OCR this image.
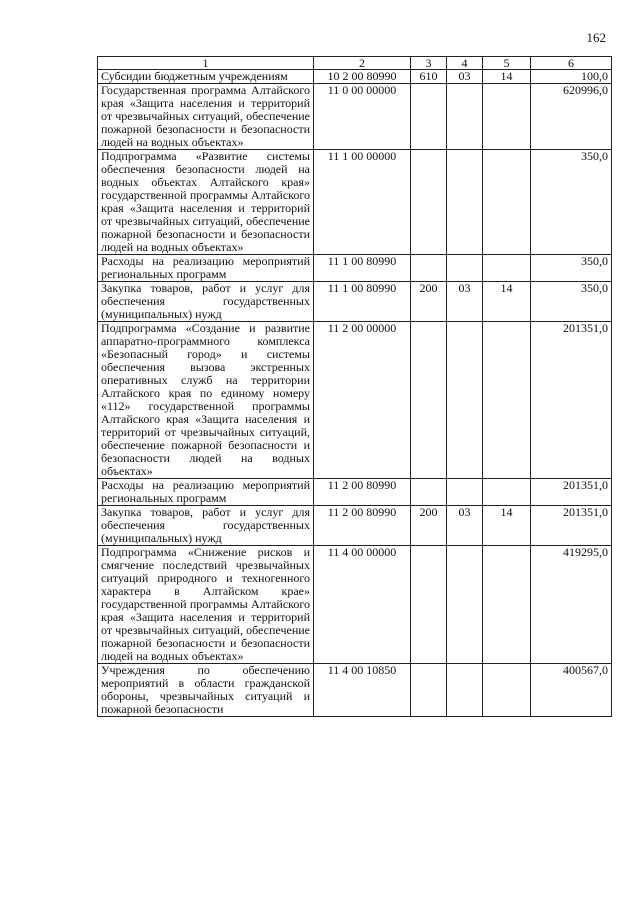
162
1	2	3	4	5	6
Субсидии бюджетным учреждениям	10 2 00 80990	610	03	14	100,0
Государственная программа Алтайского края «Защита населения и территорий от чрезвычайных ситуаций, обеспечение пожарной безопасности и безопасности людей на водных объектах»	11 0 00 00000				620996,0
Подпрограмма «Развитие системы обеспечения безопасности людей на водных объектах Алтайского края» государственной программы Алтайского края «Защита населения и территорий от чрезвычайных ситуаций, обеспечение пожарной безопасности и безопасности людей на водных объектах»	11 1 00 00000				350,0
Расходы на реализацию мероприятий региональных программ	11 1 00 80990				350,0
Закупка товаров, работ и услуг для обеспечения государственных (муниципальных) нужд	11 1 00 80990	200	03	14	350,0
Подпрограмма «Создание и развитие аппаратно-программного комплекса «Безопасный город» и системы обеспечения вызова экстренных оперативных служб на территории Алтайского края по единому номеру «112» государственной программы Алтайского края «Защита населения и территорий от чрезвычайных ситуаций, обеспечение пожарной безопасности и безопасности людей на водных объектах»	11 2 00 00000				201351,0
Расходы на реализацию мероприятий региональных программ	11 2 00 80990				201351,0
Закупка товаров, работ и услуг для обеспечения государственных (муниципальных) нужд	11 2 00 80990	200	03	14	201351,0
Подпрограмма «Снижение рисков и смягчение последствий чрезвычайных ситуаций природного и техногенного характера в Алтайском крае» государственной программы Алтайского края «Защита населения и территорий от чрезвычайных ситуаций, обеспечение пожарной безопасности и безопасности людей на водных объектах»	11 4 00 00000				419295,0
Учреждения по обеспечению мероприятий в области гражданской обороны, чрезвычайных ситуаций и пожарной безопасности	11 4 00 10850				400567,0
